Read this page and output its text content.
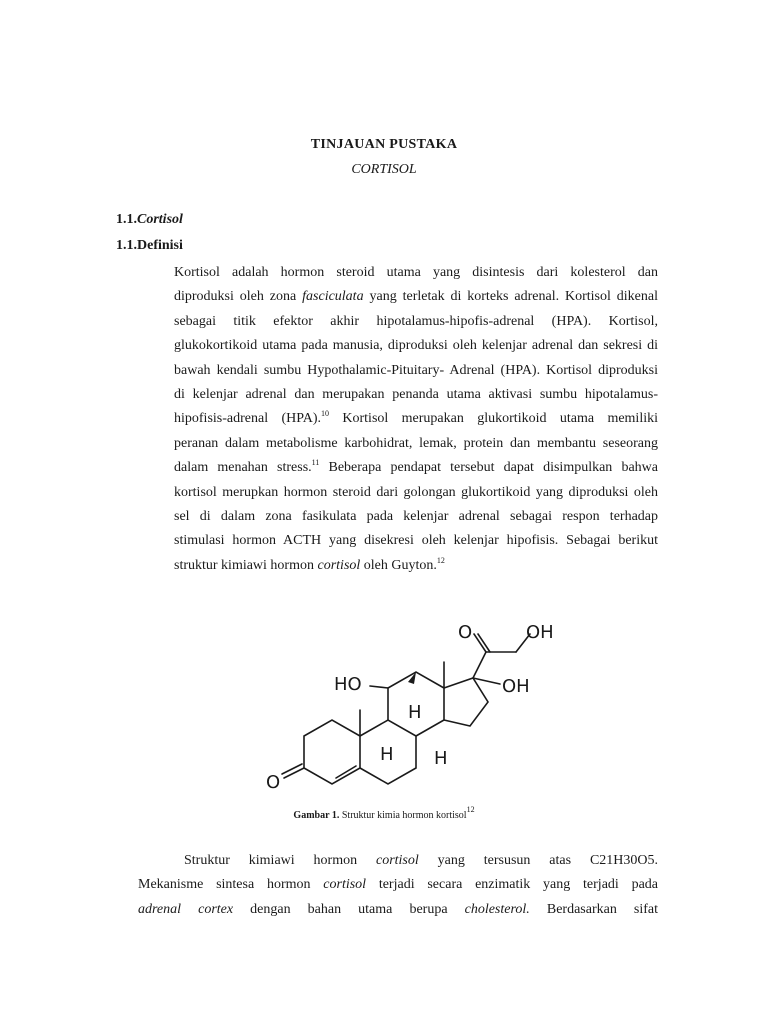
TINJAUAN PUSTAKA
CORTISOL
1.1.Cortisol
1.1.Definisi
Kortisol adalah hormon steroid utama yang disintesis dari kolesterol dan
diproduksi oleh zona fasciculata yang terletak di korteks adrenal. Kortisol dikenal
sebagai titik efektor akhir hipotalamus-hipofis-adrenal (HPA). Kortisol,
glukokortikoid utama pada manusia, diproduksi oleh kelenjar adrenal dan sekresi di
bawah kendali sumbu Hypothalamic-Pituitary- Adrenal (HPA). Kortisol diproduksi
di kelenjar adrenal dan merupakan penanda utama aktivasi sumbu hipotalamus-
hipofisis-adrenal (HPA).$^{10}$ Kortisol merupakan glukortikoid utama memiliki
peranan dalam metabolisme karbohidrat, lemak, protein dan membantu seseorang
dalam menahan stress.$^{11}$ Beberapa pendapat tersebut dapat disimpulkan bahwa
kortisol merupkan hormon steroid dari golongan glukortikoid yang diproduksi oleh
sel di dalam zona fasikulata pada kelenjar adrenal sebagai respon terhadap
stimulasi hormon ACTH yang disekresi oleh kelenjar hipofisis. Sebagai berikut
struktur kimiawi hormon cortisol oleh Guyton.$^{12}$
OH
O
HO	OH
H
H H
O
Gambar 1. Struktur kimia hormon kortisol$^{12}$
Struktur kimiawi hormon cortisol yang tersusun atas C21H30O5.
Mekanisme sintesa hormon cortisol terjadi secara enzimatik yang terjadi pada
adrenal cortex dengan bahan utama berupa cholesterol. Berdasarkan sifat
